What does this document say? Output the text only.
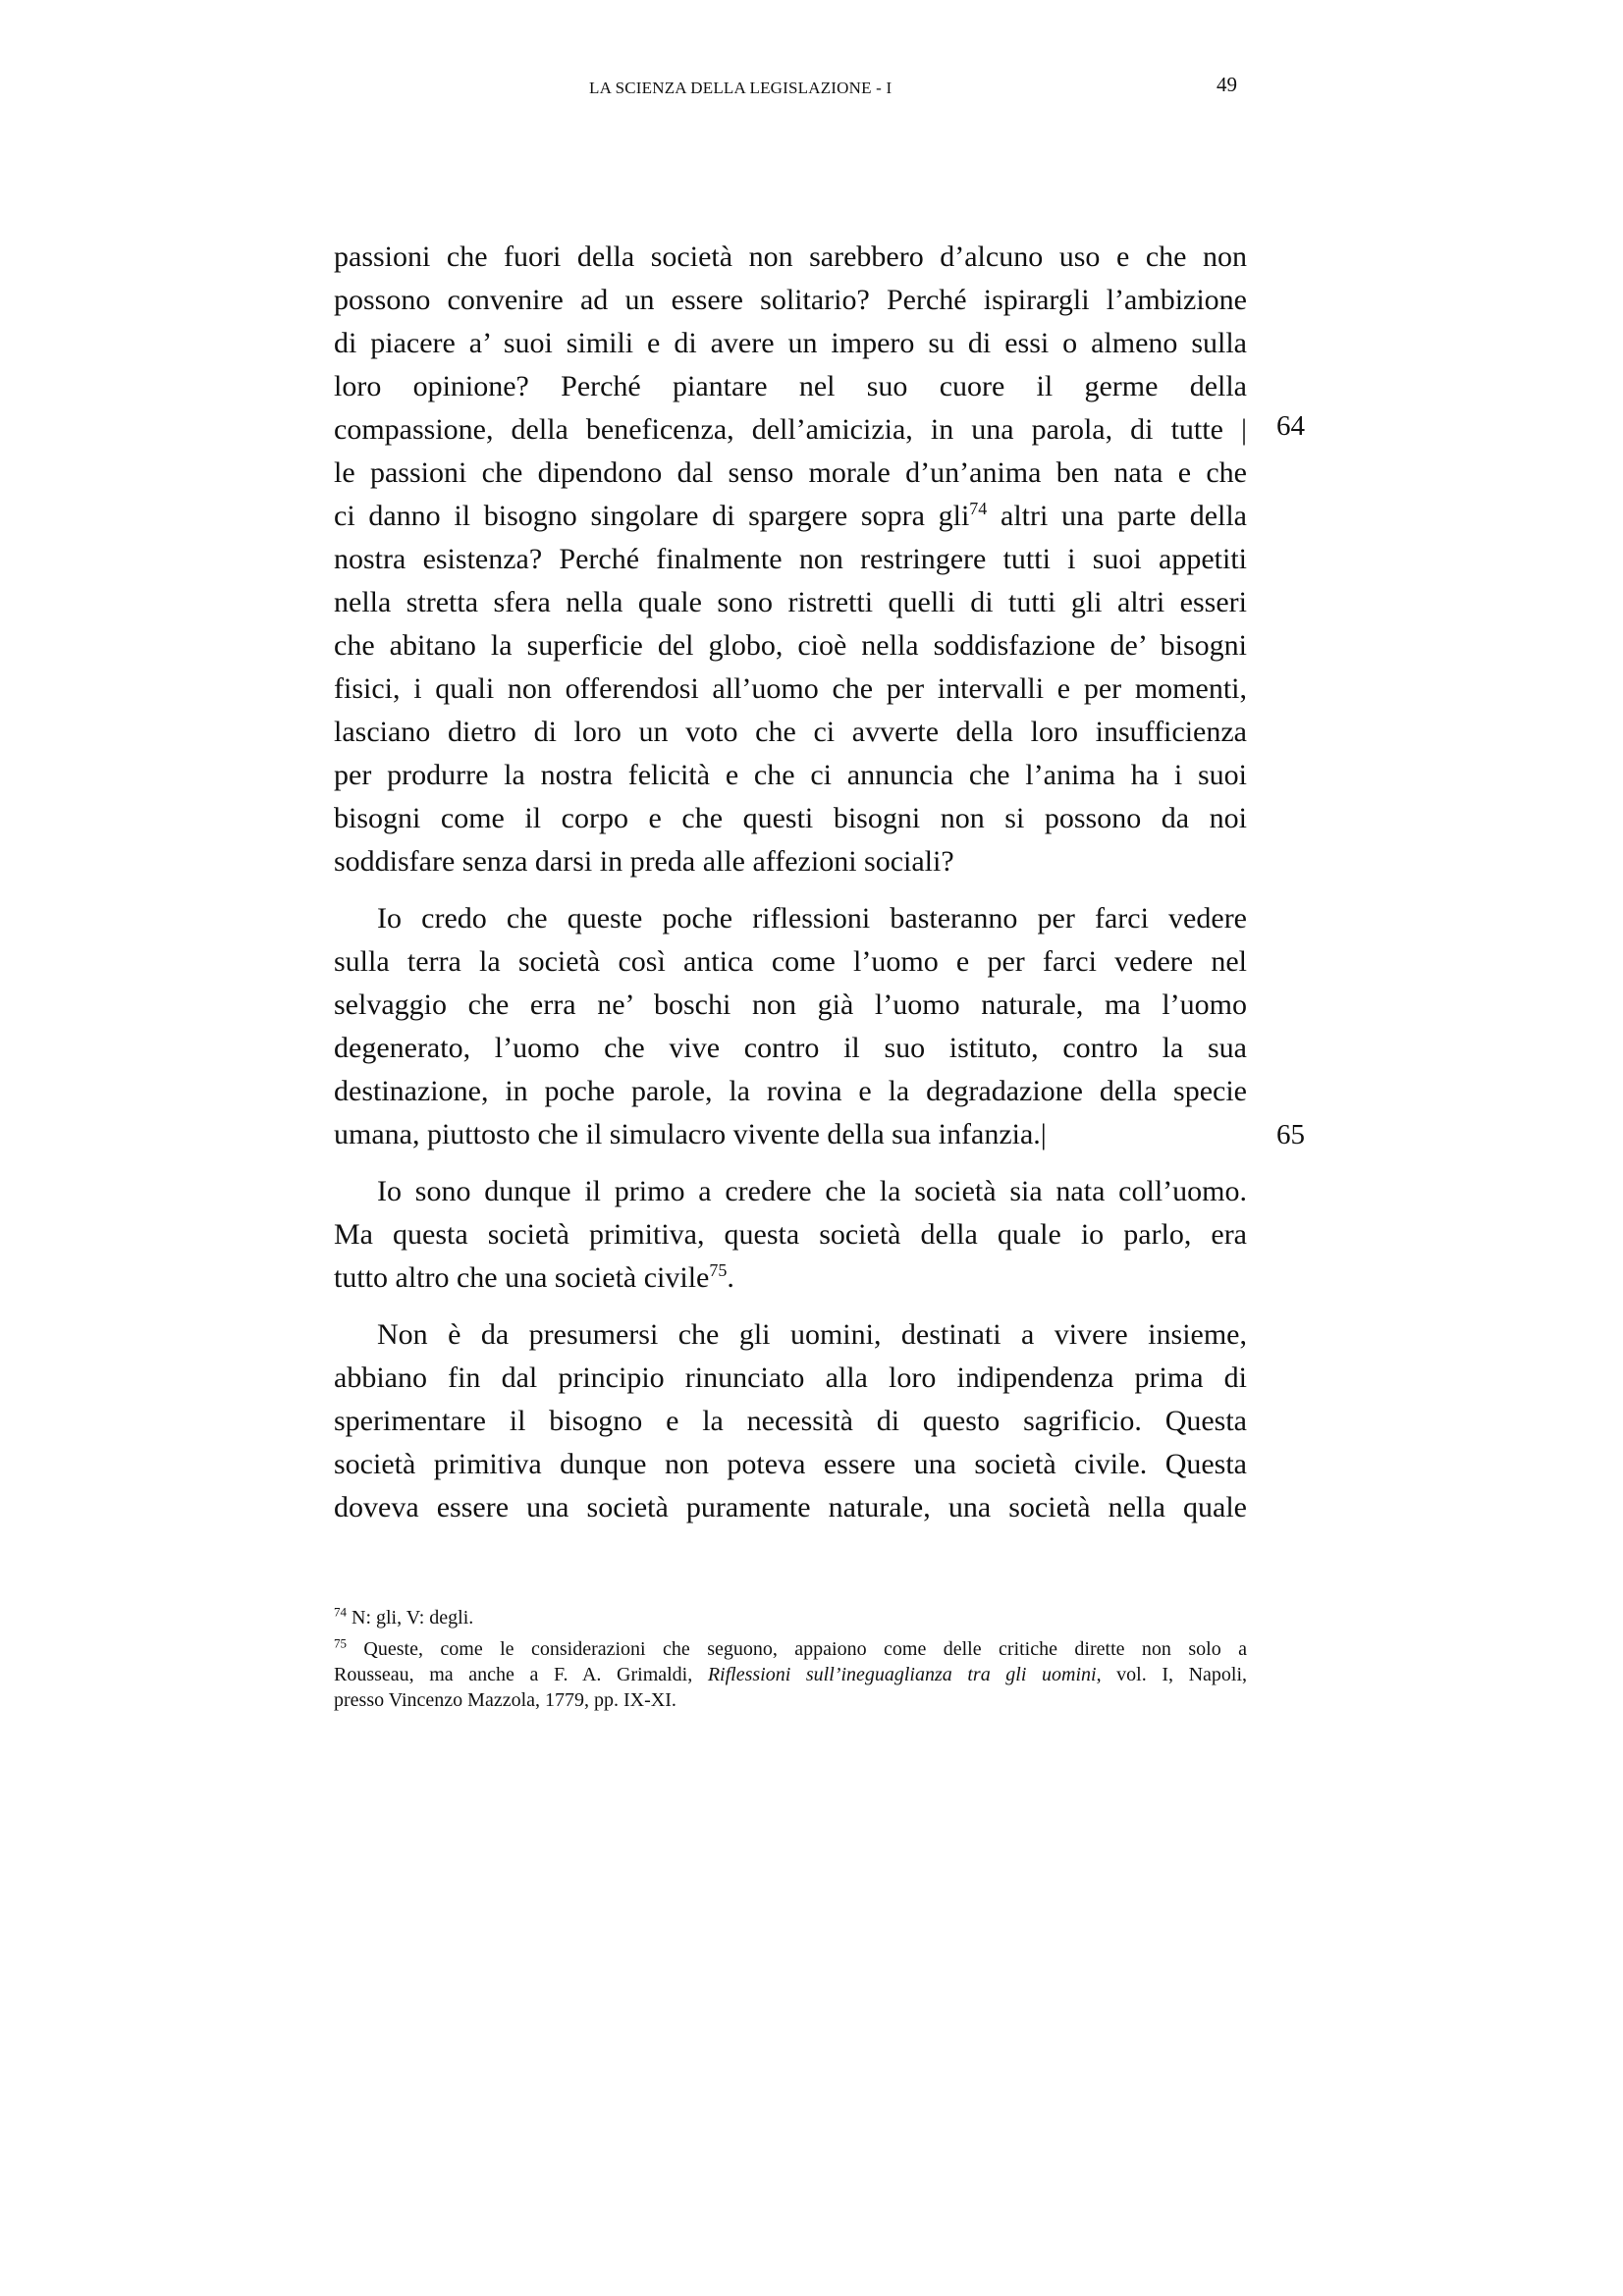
LA SCIENZA DELLA LEGISLAZIONE - I	49
64
65
passioni che fuori della società non sarebbero d’alcuno uso e che non
possono convenire ad un essere solitario? Perché ispirargli l’ambizione
di piacere a’ suoi simili e di avere un impero su di essi o almeno sulla
loro opinione? Perché piantare nel suo cuore il germe della
compassione, della beneficenza, dell’amicizia, in una parola, di tutte |
le passioni che dipendono dal senso morale d’un’anima ben nata e che
ci danno il bisogno singolare di spargere sopra gli$^{74}$ altri una parte della
nostra esistenza? Perché finalmente non restringere tutti i suoi appetiti
nella stretta sfera nella quale sono ristretti quelli di tutti gli altri esseri
che abitano la superficie del globo, cioè nella soddisfazione de’ bisogni
fisici, i quali non offerendosi all’uomo che per intervalli e per momenti,
lasciano dietro di loro un voto che ci avverte della loro insufficienza
per produrre la nostra felicità e che ci annuncia che l’anima ha i suoi
bisogni come il corpo e che questi bisogni non si possono da noi
soddisfare senza darsi in preda alle affezioni sociali?
Io credo che queste poche riflessioni basteranno per farci vedere
sulla terra la società così antica come l’uomo e per farci vedere nel
selvaggio che erra ne’ boschi non già l’uomo naturale, ma l’uomo
degenerato, l’uomo che vive contro il suo istituto, contro la sua
destinazione, in poche parole, la rovina e la degradazione della specie
umana, piuttosto che il simulacro vivente della sua infanzia.|
Io sono dunque il primo a credere che la società sia nata coll’uomo.
Ma questa società primitiva, questa società della quale io parlo, era
tutto altro che una società civile$^{75}$.
Non è da presumersi che gli uomini, destinati a vivere insieme,
abbiano fin dal principio rinunciato alla loro indipendenza prima di
sperimentare il bisogno e la necessità di questo sagrificio. Questa
società primitiva dunque non poteva essere una società civile. Questa
doveva essere una società puramente naturale, una società nella quale
$^{74}$ N: gli, V: degli.
$^{75}$ Queste, come le considerazioni che seguono, appaiono come delle critiche dirette non solo a
Rousseau, ma anche a F. A. Grimaldi, Riflessioni sull’ineguaglianza tra gli uomini, vol. I, Napoli,
presso Vincenzo Mazzola, 1779, pp. IX-XI.
